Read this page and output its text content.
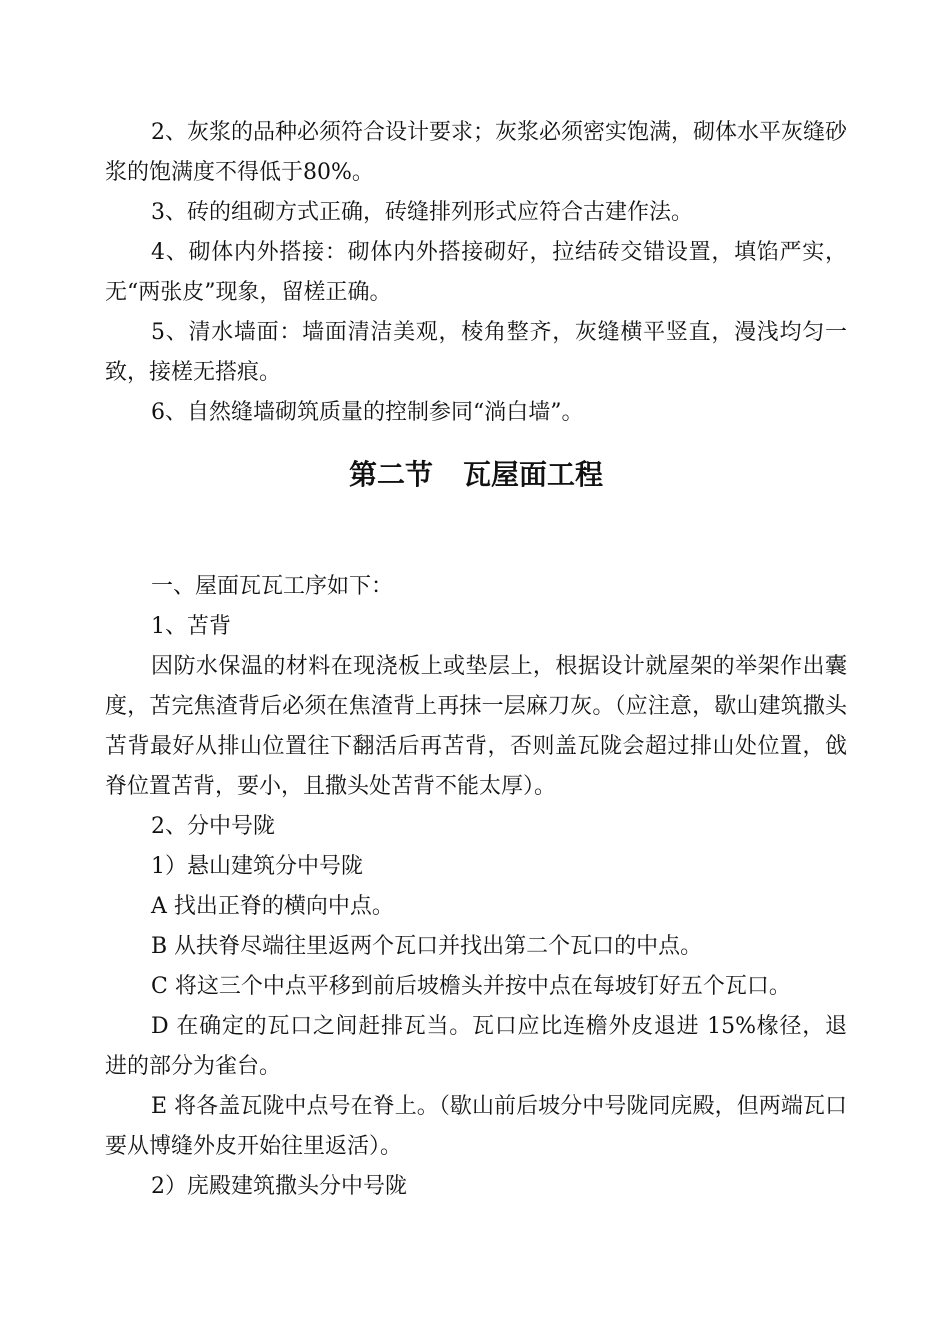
2、灰浆的品种必须符合设计要求；灰浆必须密实饱满，砌体水平灰缝砂浆的饱满度不得低于80%。

3、砖的组砌方式正确，砖缝排列形式应符合古建作法。

4、砌体内外搭接：砌体内外搭接砌好，拉结砖交错设置，填馅严实，无“两张皮”现象，留槎正确。

5、清水墙面：墙面清洁美观，棱角整齐，灰缝横平竖直，漫浅均匀一致，接槎无搭痕。

6、自然缝墙砌筑质量的控制参同“淌白墙”。

第二节 瓦屋面工程

一、屋面瓦瓦工序如下：

1、苫背

因防水保温的材料在现浇板上或垫层上，根据设计就屋架的举架作出囊度，苫完焦渣背后必须在焦渣背上再抹一层麻刀灰。（应注意，歇山建筑撒头苫背最好从排山位置往下翻活后再苫背，否则盖瓦陇会超过排山处位置，戗脊位置苫背，要小，且撒头处苫背不能太厚）。

2、分中号陇

1）悬山建筑分中号陇

A 找出正脊的横向中点。

B 从扶脊尽端往里返两个瓦口并找出第二个瓦口的中点。

C 将这三个中点平移到前后坡檐头并按中点在每坡钉好五个瓦口。

D 在确定的瓦口之间赶排瓦当。瓦口应比连檐外皮退进 15%椽径，退进的部分为雀台。

E 将各盖瓦陇中点号在脊上。（歇山前后坡分中号陇同庑殿，但两端瓦口要从博缝外皮开始往里返活）。

2）庑殿建筑撒头分中号陇
